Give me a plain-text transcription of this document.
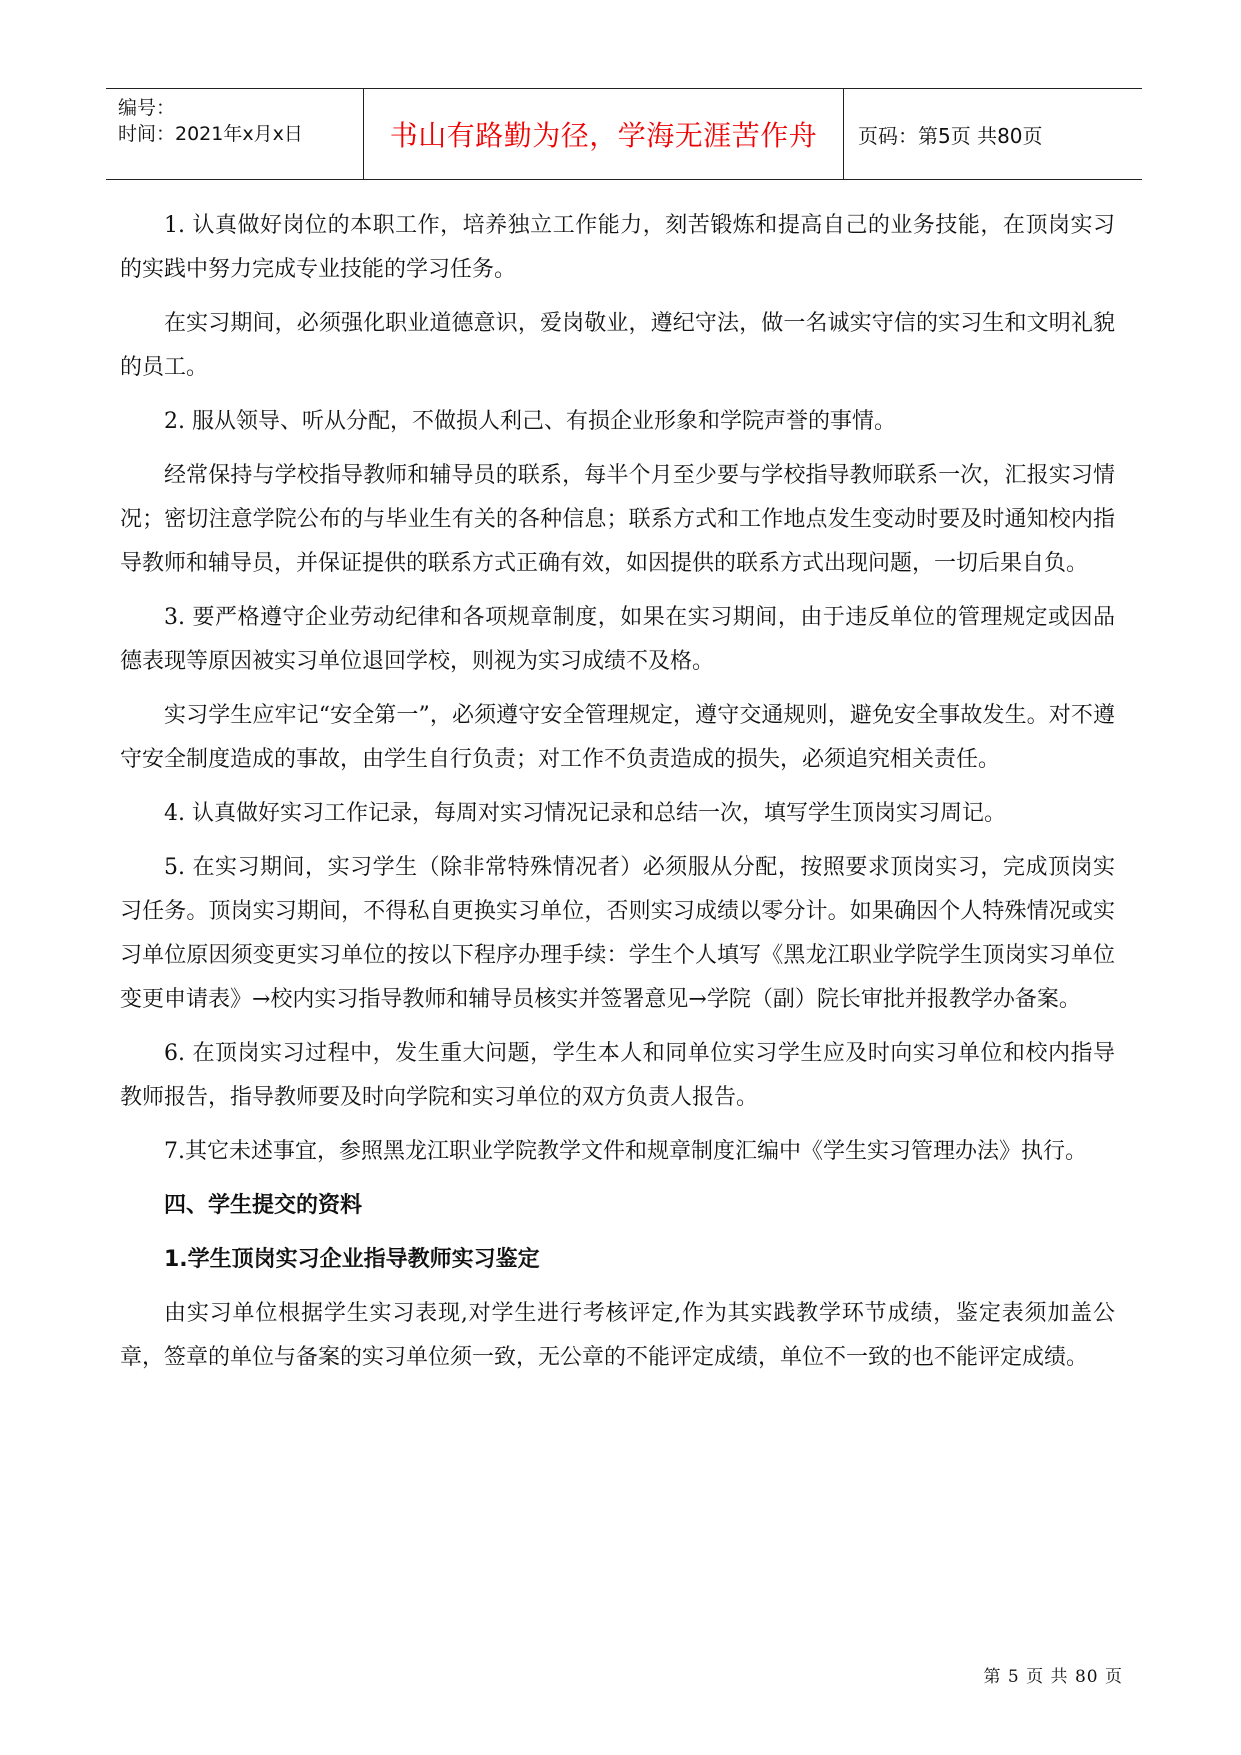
编号：
时间：2021年x月x日	书山有路勤为径，学海无涯苦作舟	页码：第5页 共80页

1. 认真做好岗位的本职工作，培养独立工作能力，刻苦锻炼和提高自己的业务技能，在顶岗实习的实践中努力完成专业技能的学习任务。

在实习期间，必须强化职业道德意识，爱岗敬业，遵纪守法，做一名诚实守信的实习生和文明礼貌的员工。

2. 服从领导、听从分配，不做损人利己、有损企业形象和学院声誉的事情。

经常保持与学校指导教师和辅导员的联系，每半个月至少要与学校指导教师联系一次，汇报实习情况；密切注意学院公布的与毕业生有关的各种信息；联系方式和工作地点发生变动时要及时通知校内指导教师和辅导员，并保证提供的联系方式正确有效，如因提供的联系方式出现问题，一切后果自负。

3. 要严格遵守企业劳动纪律和各项规章制度，如果在实习期间，由于违反单位的管理规定或因品德表现等原因被实习单位退回学校，则视为实习成绩不及格。

实习学生应牢记“安全第一”，必须遵守安全管理规定，遵守交通规则，避免安全事故发生。对不遵守安全制度造成的事故，由学生自行负责；对工作不负责造成的损失，必须追究相关责任。

4. 认真做好实习工作记录，每周对实习情况记录和总结一次，填写学生顶岗实习周记。

5. 在实习期间，实习学生（除非常特殊情况者）必须服从分配，按照要求顶岗实习，完成顶岗实习任务。顶岗实习期间，不得私自更换实习单位，否则实习成绩以零分计。如果确因个人特殊情况或实习单位原因须变更实习单位的按以下程序办理手续：学生个人填写《黑龙江职业学院学生顶岗实习单位变更申请表》→校内实习指导教师和辅导员核实并签署意见→学院（副）院长审批并报教学办备案。

6. 在顶岗实习过程中，发生重大问题，学生本人和同单位实习学生应及时向实习单位和校内指导教师报告，指导教师要及时向学院和实习单位的双方负责人报告。

7.其它未述事宜，参照黑龙江职业学院教学文件和规章制度汇编中《学生实习管理办法》执行。

四、学生提交的资料

1.学生顶岗实习企业指导教师实习鉴定

由实习单位根据学生实习表现,对学生进行考核评定,作为其实践教学环节成绩，鉴定表须加盖公章，签章的单位与备案的实习单位须一致，无公章的不能评定成绩，单位不一致的也不能评定成绩。

第 5 页 共 80 页
